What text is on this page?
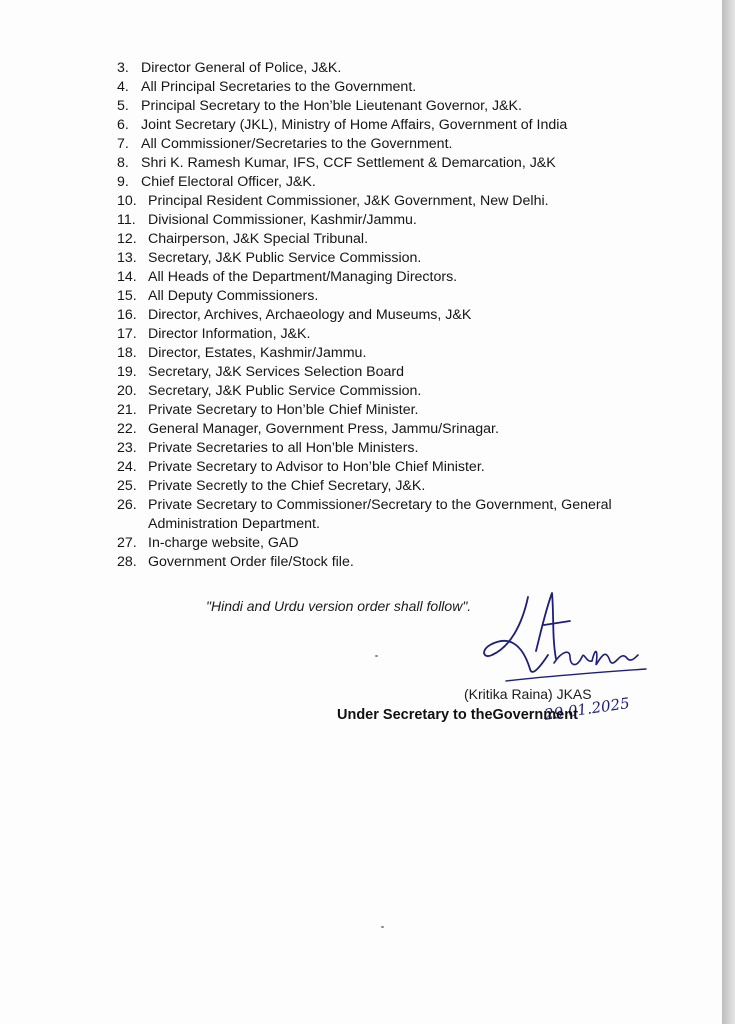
3. Director General of Police, J&K.
4. All Principal Secretaries to the Government.
5. Principal Secretary to the Hon’ble Lieutenant Governor, J&K.
6. Joint Secretary (JKL), Ministry of Home Affairs, Government of India
7. All Commissioner/Secretaries to the Government.
8. Shri K. Ramesh Kumar, IFS, CCF Settlement & Demarcation, J&K
9. Chief Electoral Officer, J&K.
10. Principal Resident Commissioner, J&K Government, New Delhi.
11. Divisional Commissioner, Kashmir/Jammu.
12. Chairperson, J&K Special Tribunal.
13. Secretary, J&K Public Service Commission.
14. All Heads of the Department/Managing Directors.
15. All Deputy Commissioners.
16. Director, Archives, Archaeology and Museums, J&K
17. Director Information, J&K.
18. Director, Estates, Kashmir/Jammu.
19. Secretary, J&K Services Selection Board
20. Secretary, J&K Public Service Commission.
21. Private Secretary to Hon’ble Chief Minister.
22. General Manager, Government Press, Jammu/Srinagar.
23. Private Secretaries to all Hon’ble Ministers.
24. Private Secretary to Advisor to Hon’ble Chief Minister.
25. Private Secretly to the Chief Secretary, J&K.
26. Private Secretary to Commissioner/Secretary to the Government, General Administration Department.
27. In-charge website, GAD
28. Government Order file/Stock file.
"Hindi and Urdu version order shall follow".
(Kritika Raina) JKAS
29.01.2025
Under Secretary to theGovernment
